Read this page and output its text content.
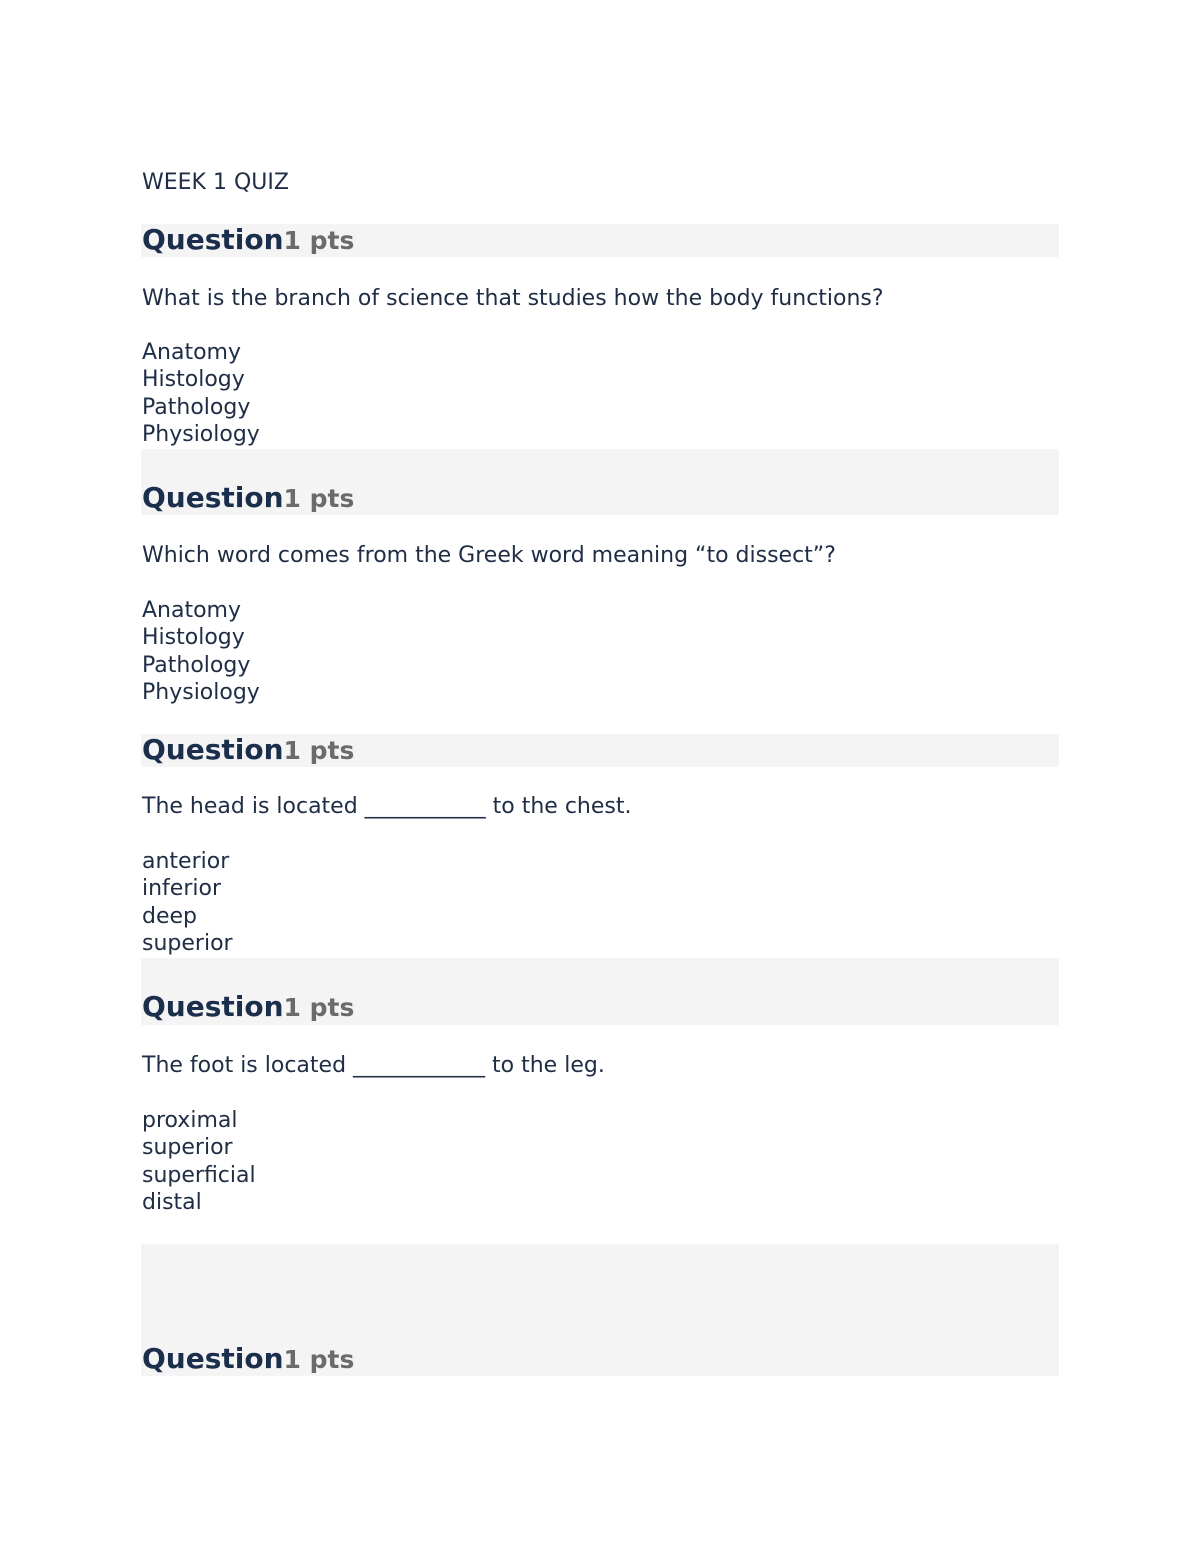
WEEK 1 QUIZ
Question1 pts

What is the branch of science that studies how the body functions?

Anatomy
Histology
Pathology
Physiology
Question1 pts

Which word comes from the Greek word meaning “to dissect”?

Anatomy
Histology
Pathology
Physiology
Question1 pts

The head is located ___________ to the chest.

anterior
inferior
deep
superior
Question1 pts

The foot is located ____________ to the leg.

proximal
superior
superficial
distal
Question1 pts
